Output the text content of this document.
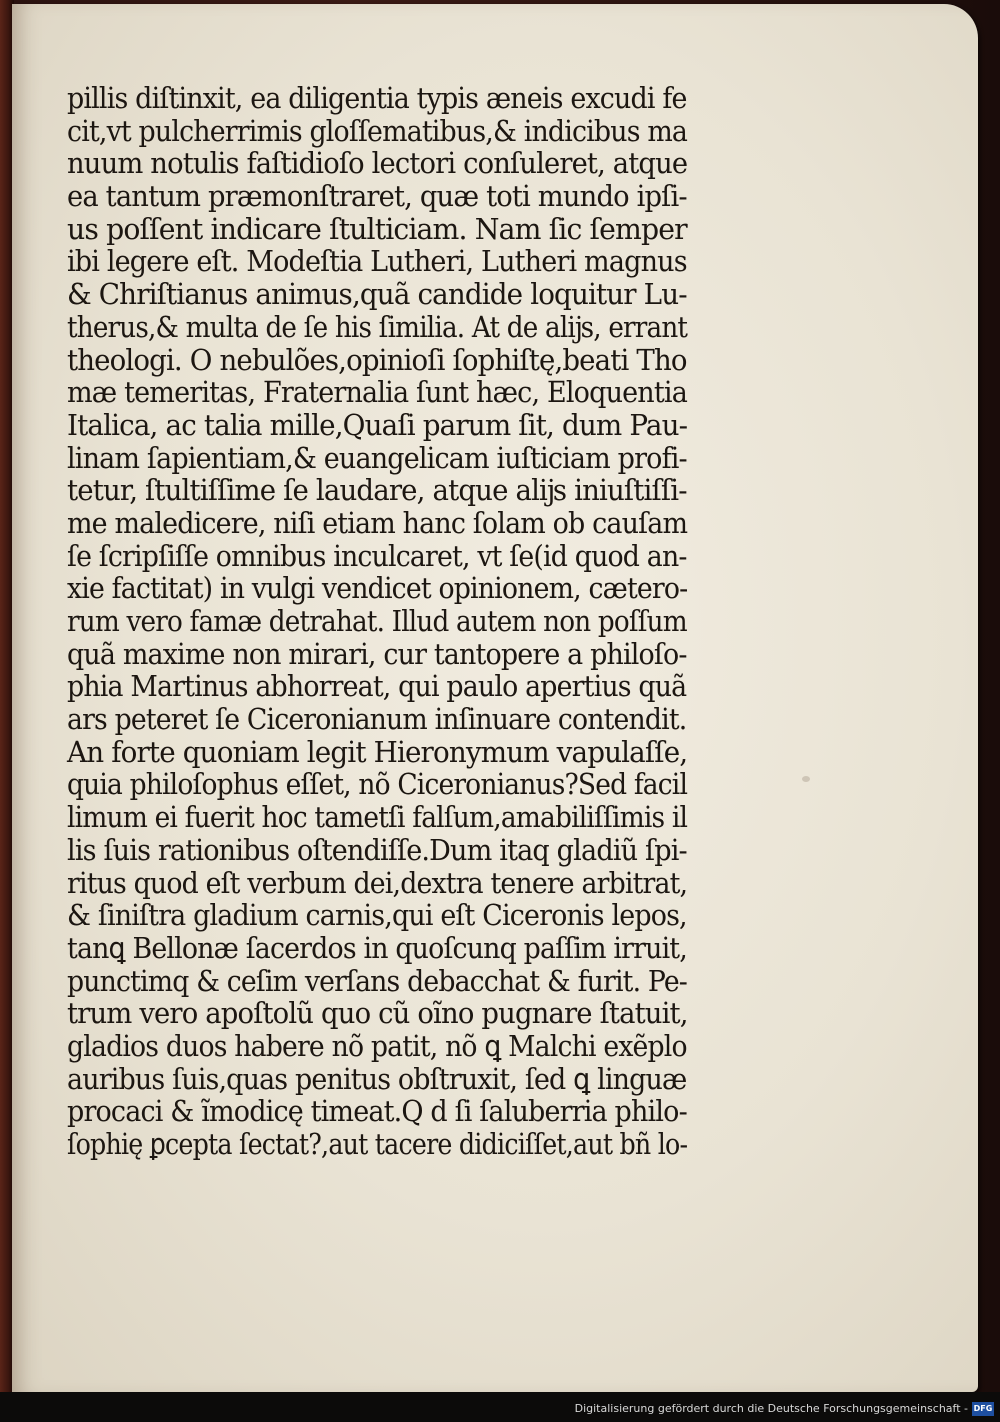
pillis diſtinxit, ea diligentia typis æneis excudi fe
cit,vt pulcherrimis gloſſematibus,& indicibus ma
nuum notulis faſtidioſo lectori conſuleret, atque
ea tantum præmonſtraret, quæ toti mundo ipſi-
us poſſent indicare ſtulticiam. Nam ſic ſemper
ibi legere eſt. Modeſtia Lutheri, Lutheri magnus
& Chriſtianus animus,quã candide loquitur Lu-
therus,& multa de ſe his ſimilia. At de alĳs, errant
theologi. O nebulões,opinioſi ſophiſtę,beati Tho
mæ temeritas, Fraternalia ſunt hæc, Eloquentia
Italica, ac talia mille,Quaſi parum ſit, dum Pau-
linam ſapientiam,& euangelicam iuſticiam profi-
tetur, ſtultiſſime ſe laudare, atque alĳs iniuſtiſſi-
me maledicere, niſi etiam hanc ſolam ob cauſam
ſe ſcripſiſſe omnibus inculcaret, vt ſe(id quod an-
xie factitat) in vulgi vendicet opinionem, cætero-
rum vero famæ detrahat. Illud autem non poſſum
quã maxime non mirari, cur tantopere a philoſo-
phia Martinus abhorreat, qui paulo apertius quã
ars peteret ſe Ciceronianum inſinuare contendit.
An forte quoniam legit Hieronymum vapulaſſe,
quia philoſophus eſſet, nõ Ciceronianus?Sed facil
limum ei fuerit hoc tametſi falſum,amabiliſſimis il
lis ſuis rationibus oſtendiſſe.Dum itaq gladiũ ſpi-
ritus quod eſt verbum dei,dextra tenere arbitrat,
& ſiniſtra gladium carnis,qui eſt Ciceronis lepos,
tanꝗ Bellonæ ſacerdos in quoſcunq paſſim irruit,
punctimq & ceſim verſans debacchat & furit. Pe-
trum vero apoſtolũ quo cũ oĩno pugnare ſtatuit,
gladios duos habere nõ patit, nõ ꝗ Malchi exẽplo
auribus ſuis,quas penitus obſtruxit, ſed ꝗ linguæ
procaci & ĩmodicę timeat.Q d ſi ſaluberria philo-
ſophię ꝑcepta ſectat?,aut tacere didiciſſet,aut bñ lo-
Digitalisierung gefördert durch die Deutsche Forschungsgemeinschaft - DFG
